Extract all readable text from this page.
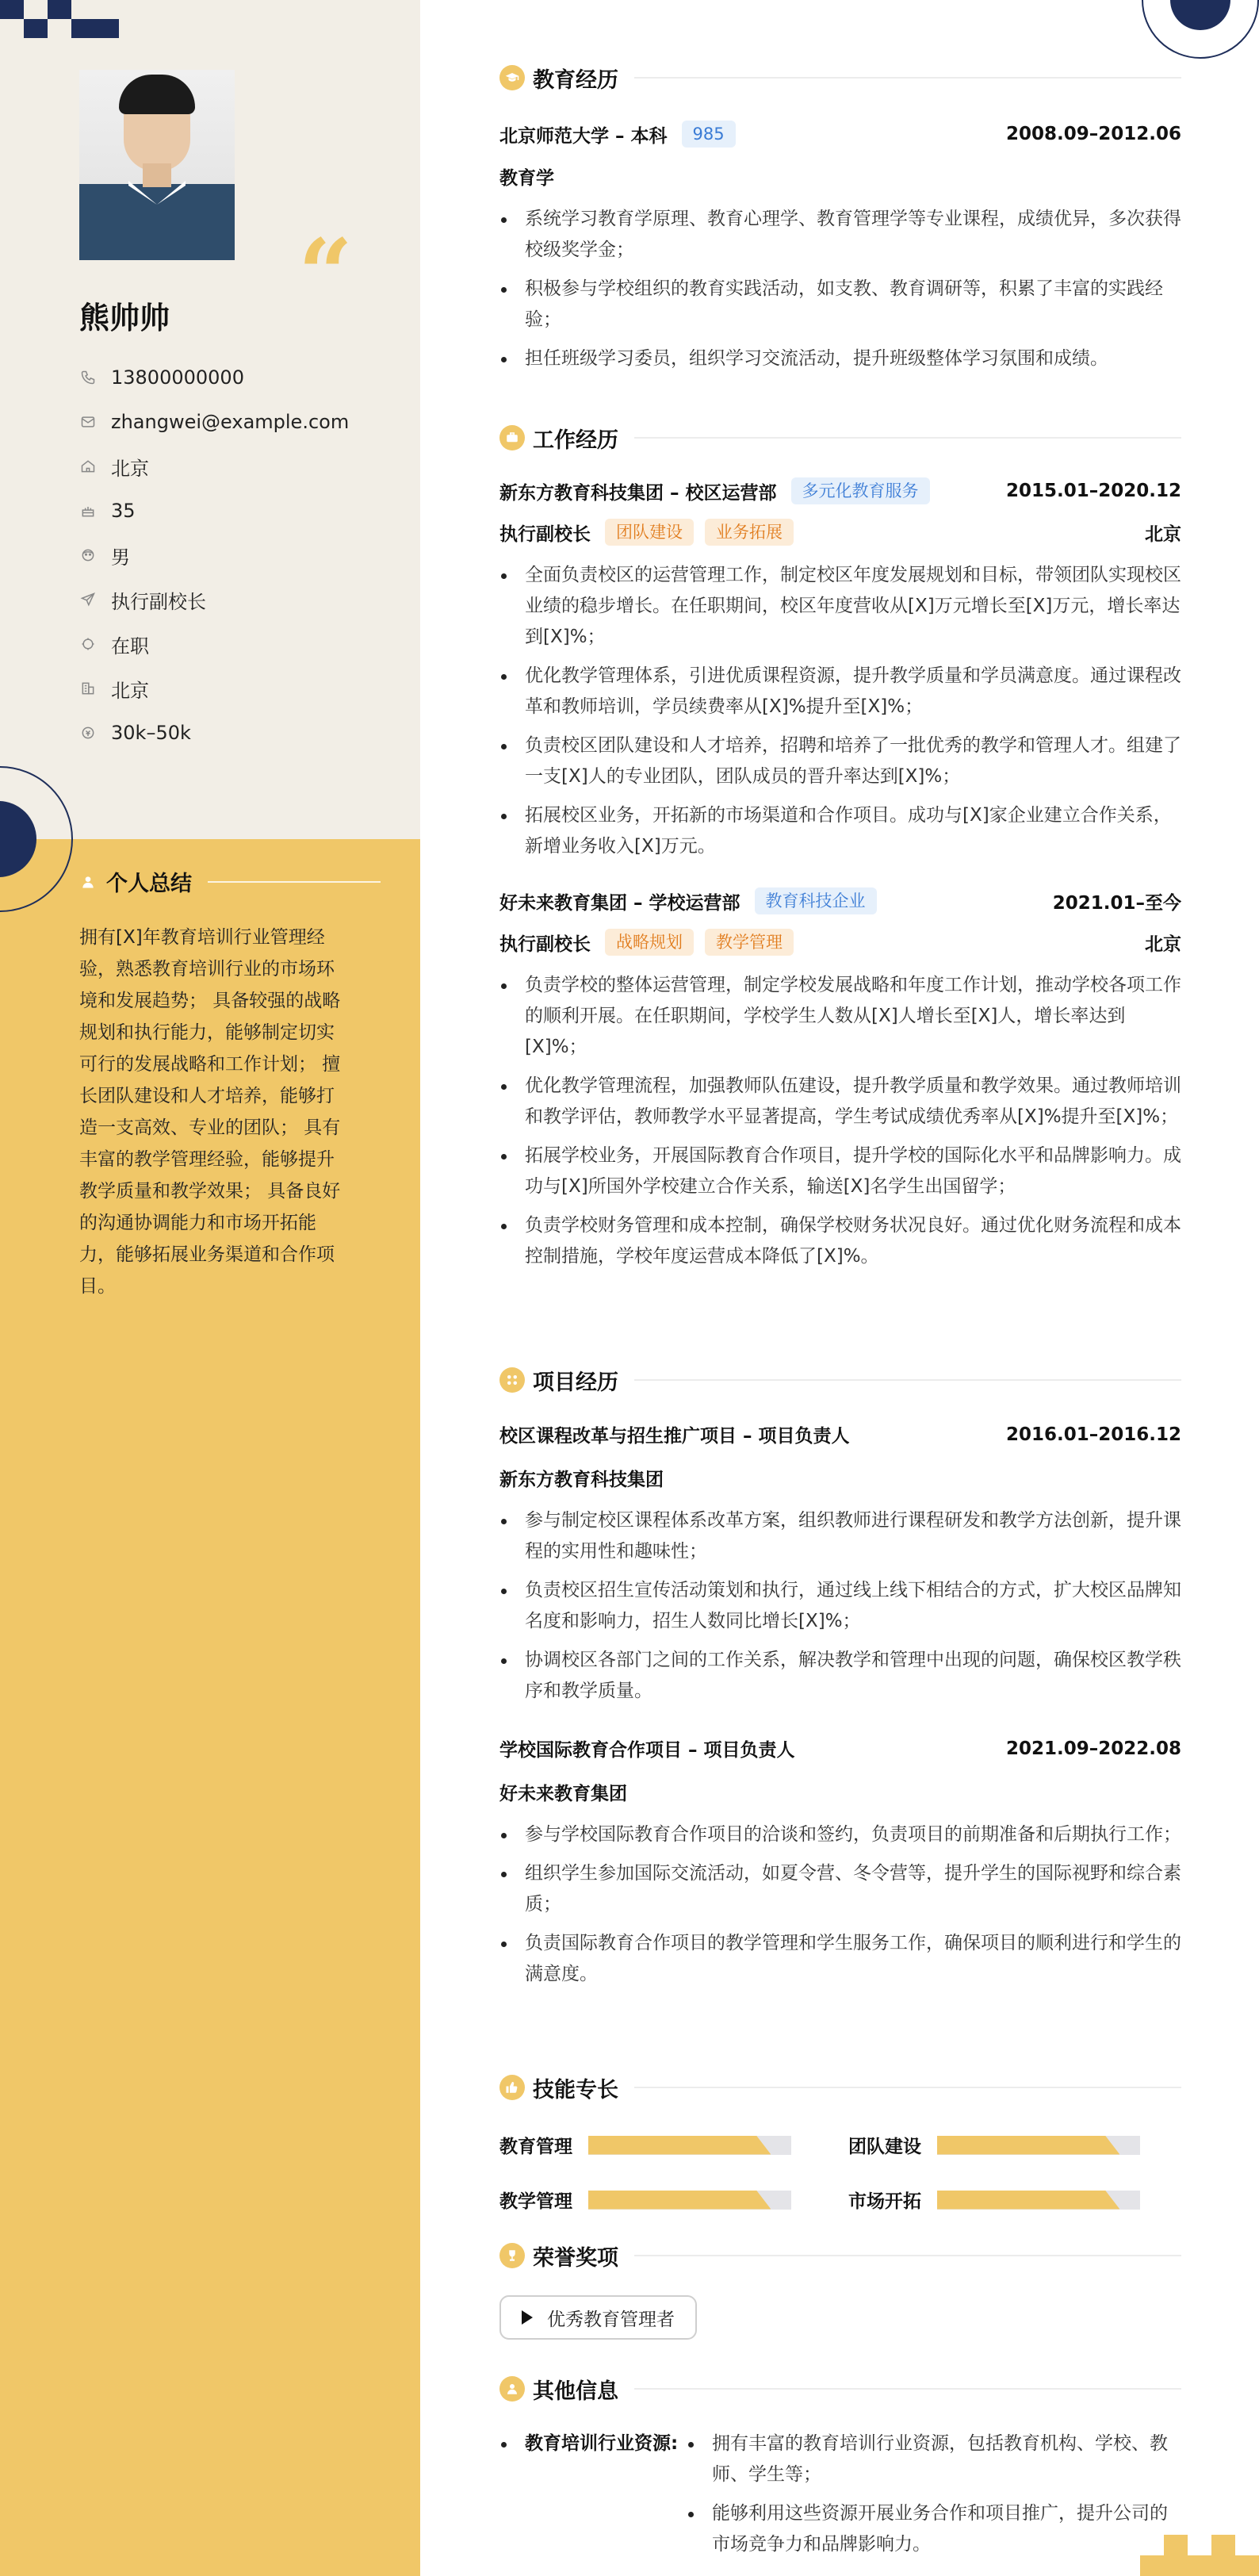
“
熊帅帅
13800000000
zhangwei@example.com
北京
35
男
执行副校长
在职
北京
30k–50k
个人总结
拥有[X]年教育培训行业管理经验，熟悉教育培训行业的市场环境和发展趋势； 具备较强的战略规划和执行能力，能够制定切实可行的发展战略和工作计划； 擅长团队建设和人才培养，能够打造一支高效、专业的团队； 具有丰富的教学管理经验，能够提升教学质量和教学效果； 具备良好的沟通协调能力和市场开拓能力，能够拓展业务渠道和合作项目。
教育经历
北京师范大学 – 本科	985	2008.09–2012.06
教育学
系统学习教育学原理、教育心理学、教育管理学等专业课程，成绩优异，多次获得校级奖学金；
积极参与学校组织的教育实践活动，如支教、教育调研等，积累了丰富的实践经验；
担任班级学习委员，组织学习交流活动，提升班级整体学习氛围和成绩。
工作经历
新东方教育科技集团 – 校区运营部	多元化教育服务	2015.01–2020.12
执行副校长	团队建设	业务拓展	北京
全面负责校区的运营管理工作，制定校区年度发展规划和目标，带领团队实现校区业绩的稳步增长。在任职期间，校区年度营收从[X]万元增长至[X]万元，增长率达到[X]%；
优化教学管理体系，引进优质课程资源，提升教学质量和学员满意度。通过课程改革和教师培训，学员续费率从[X]%提升至[X]%；
负责校区团队建设和人才培养，招聘和培养了一批优秀的教学和管理人才。组建了一支[X]人的专业团队，团队成员的晋升率达到[X]%；
拓展校区业务，开拓新的市场渠道和合作项目。成功与[X]家企业建立合作关系，新增业务收入[X]万元。
好未来教育集团 – 学校运营部	教育科技企业	2021.01–至今
执行副校长	战略规划	教学管理	北京
负责学校的整体运营管理，制定学校发展战略和年度工作计划，推动学校各项工作的顺利开展。在任职期间，学校学生人数从[X]人增长至[X]人，增长率达到[X]%；
优化教学管理流程，加强教师队伍建设，提升教学质量和教学效果。通过教师培训和教学评估，教师教学水平显著提高，学生考试成绩优秀率从[X]%提升至[X]%；
拓展学校业务，开展国际教育合作项目，提升学校的国际化水平和品牌影响力。成功与[X]所国外学校建立合作关系，输送[X]名学生出国留学；
负责学校财务管理和成本控制，确保学校财务状况良好。通过优化财务流程和成本控制措施，学校年度运营成本降低了[X]%。
项目经历
校区课程改革与招生推广项目 – 项目负责人	2016.01–2016.12
新东方教育科技集团
参与制定校区课程体系改革方案，组织教师进行课程研发和教学方法创新，提升课程的实用性和趣味性；
负责校区招生宣传活动策划和执行，通过线上线下相结合的方式，扩大校区品牌知名度和影响力，招生人数同比增长[X]%；
协调校区各部门之间的工作关系，解决教学和管理中出现的问题，确保校区教学秩序和教学质量。
学校国际教育合作项目 – 项目负责人	2021.09–2022.08
好未来教育集团
参与学校国际教育合作项目的洽谈和签约，负责项目的前期准备和后期执行工作；
组织学生参加国际交流活动，如夏令营、冬令营等，提升学生的国际视野和综合素质；
负责国际教育合作项目的教学管理和学生服务工作，确保项目的顺利进行和学生的满意度。
技能专长
教育管理	团队建设
教学管理	市场开拓
荣誉奖项
优秀教育管理者
其他信息
教育培训行业资源:	拥有丰富的教育培训行业资源，包括教育机构、学校、教师、学生等；
能够利用这些资源开展业务合作和项目推广，提升公司的市场竞争力和品牌影响力。
